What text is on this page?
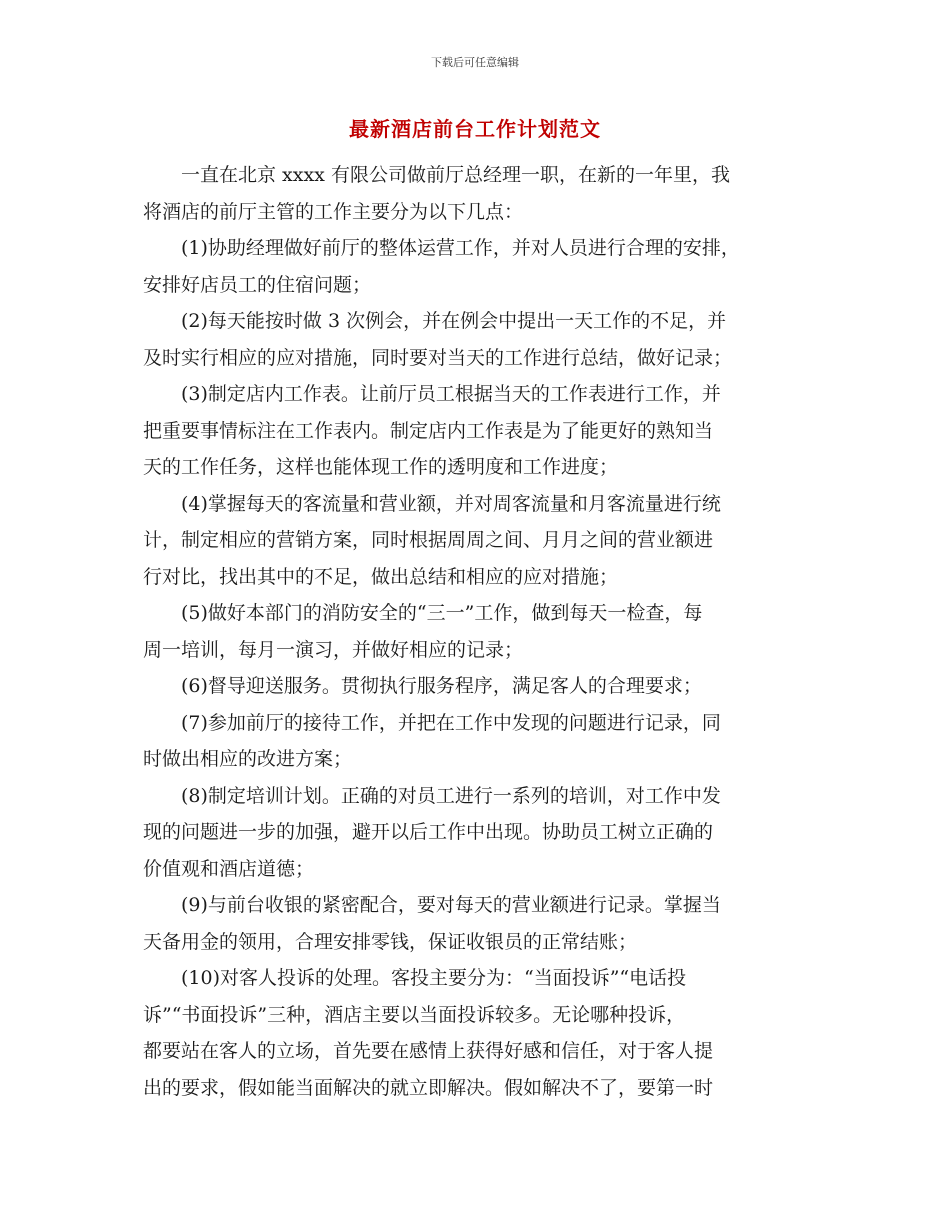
下载后可任意编辑
最新酒店前台工作计划范文

一直在北京 xxxx 有限公司做前厅总经理一职，在新的一年里，我
将酒店的前厅主管的工作主要分为以下几点：

(1)协助经理做好前厅的整体运营工作，并对人员进行合理的安排，
安排好店员工的住宿问题；

(2)每天能按时做 3 次例会，并在例会中提出一天工作的不足，并
及时实行相应的应对措施，同时要对当天的工作进行总结，做好记录；

(3)制定店内工作表。让前厅员工根据当天的工作表进行工作，并
把重要事情标注在工作表内。制定店内工作表是为了能更好的熟知当
天的工作任务，这样也能体现工作的透明度和工作进度；

(4)掌握每天的客流量和营业额，并对周客流量和月客流量进行统
计，制定相应的营销方案，同时根据周周之间、月月之间的营业额进
行对比，找出其中的不足，做出总结和相应的应对措施；

(5)做好本部门的消防安全的“三一”工作，做到每天一检查，每
周一培训，每月一演习，并做好相应的记录；

(6)督导迎送服务。贯彻执行服务程序，满足客人的合理要求；

(7)参加前厅的接待工作，并把在工作中发现的问题进行记录，同
时做出相应的改进方案；

(8)制定培训计划。正确的对员工进行一系列的培训，对工作中发
现的问题进一步的加强，避开以后工作中出现。协助员工树立正确的
价值观和酒店道德；

(9)与前台收银的紧密配合，要对每天的营业额进行记录。掌握当
天备用金的领用，合理安排零钱，保证收银员的正常结账；

(10)对客人投诉的处理。客投主要分为：“当面投诉”“电话投
诉”“书面投诉”三种，酒店主要以当面投诉较多。无论哪种投诉，
都要站在客人的立场，首先要在感情上获得好感和信任，对于客人提
出的要求，假如能当面解决的就立即解决。假如解决不了，要第一时
